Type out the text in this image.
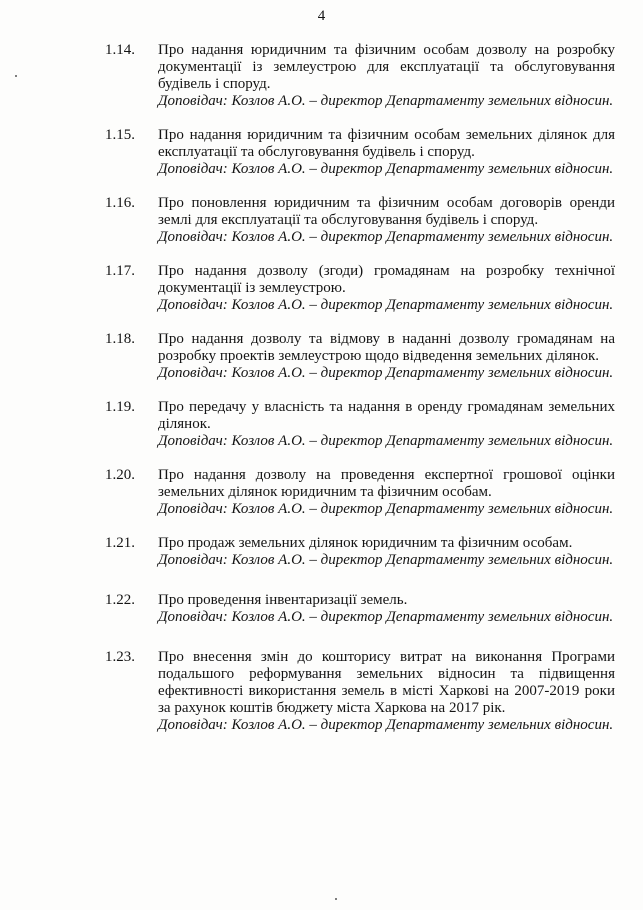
4
1.14. Про надання юридичним та фізичним особам дозволу на розробку документації із землеустрою для експлуатації та обслуговування будівель і споруд.
Доповідач: Козлов А.О. – директор Департаменту земельних відносин.
1.15. Про надання юридичним та фізичним особам земельних ділянок для експлуатації та обслуговування будівель і споруд.
Доповідач: Козлов А.О. – директор Департаменту земельних відносин.
1.16. Про поновлення юридичним та фізичним особам договорів оренди землі для експлуатації та обслуговування будівель і споруд.
Доповідач: Козлов А.О. – директор Департаменту земельних відносин.
1.17. Про надання дозволу (згоди) громадянам на розробку технічної документації із землеустрою.
Доповідач: Козлов А.О. – директор Департаменту земельних відносин.
1.18. Про надання дозволу та відмову в наданні дозволу громадянам на розробку проектів землеустрою щодо відведення земельних ділянок.
Доповідач: Козлов А.О. – директор Департаменту земельних відносин.
1.19. Про передачу у власність та надання в оренду громадянам земельних ділянок.
Доповідач: Козлов А.О. – директор Департаменту земельних відносин.
1.20. Про надання дозволу на проведення експертної грошової оцінки земельних ділянок юридичним та фізичним особам.
Доповідач: Козлов А.О. – директор Департаменту земельних відносин.
1.21. Про продаж земельних ділянок юридичним та фізичним особам.
Доповідач: Козлов А.О. – директор Департаменту земельних відносин.
1.22. Про проведення інвентаризації земель.
Доповідач: Козлов А.О. – директор Департаменту земельних відносин.
1.23. Про внесення змін до кошторису витрат на виконання Програми подальшого реформування земельних відносин та підвищення ефективності використання земель в місті Харкові на 2007-2019 роки за рахунок коштів бюджету міста Харкова на 2017 рік.
Доповідач: Козлов А.О. – директор Департаменту земельних відносин.
